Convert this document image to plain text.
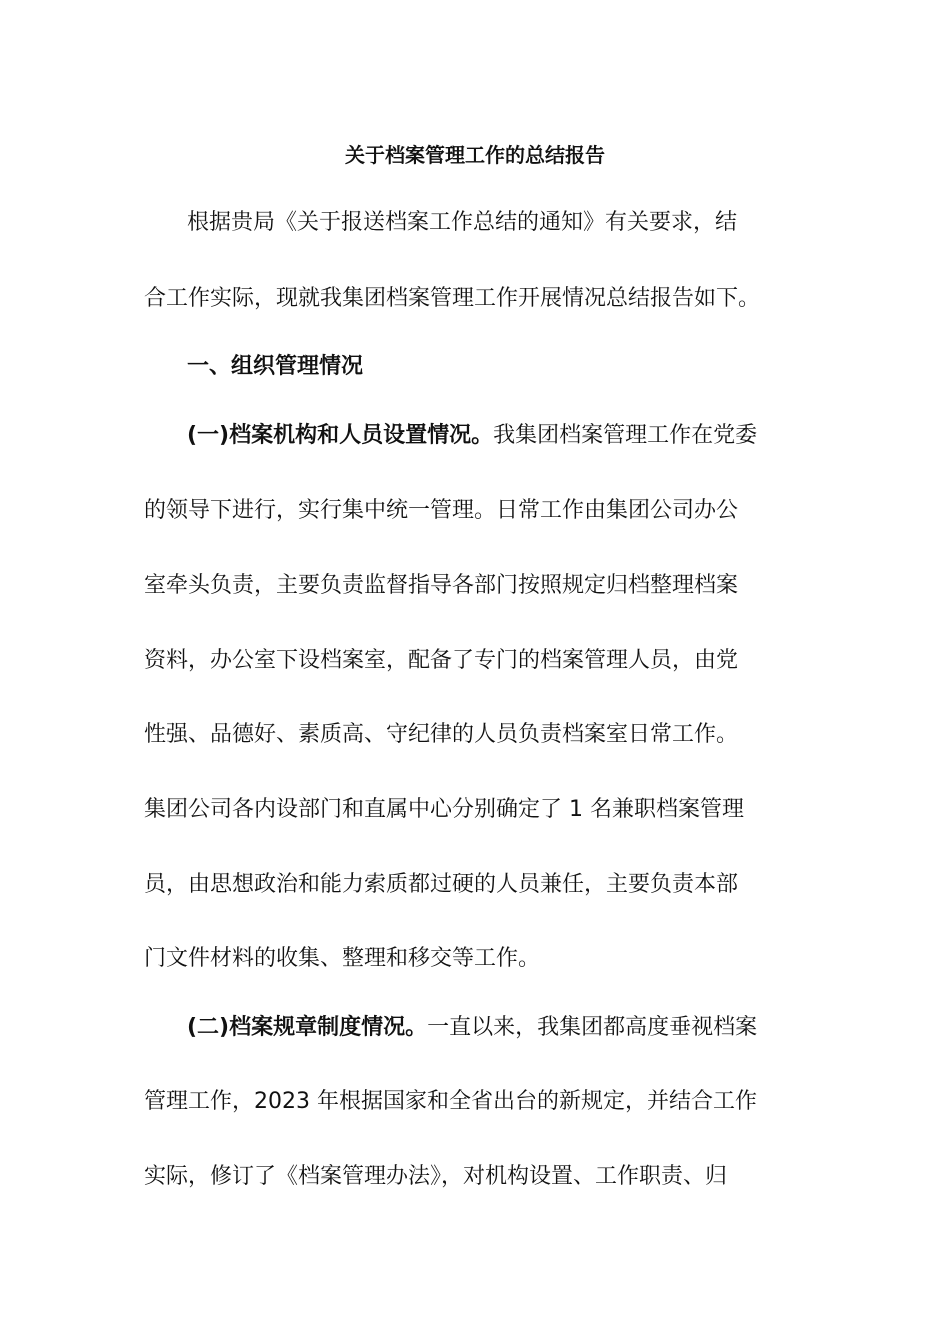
关于档案管理工作的总结报告
根据贵局《关于报送档案工作总结的通知》有关要求，结
合工作实际，现就我集团档案管理工作开展情况总结报告如下。
一、组织管理情况
(一)档案机构和人员设置情况。我集团档案管理工作在党委
的领导下进行，实行集中统一管理。日常工作由集团公司办公
室牵头负责，主要负责监督指导各部门按照规定归档整理档案
资料，办公室下设档案室，配备了专门的档案管理人员，由党
性强、品德好、素质高、守纪律的人员负责档案室日常工作。
集团公司各内设部门和直属中心分别确定了 1 名兼职档案管理
员，由思想政治和能力索质都过硬的人员兼任，主要负责本部
门文件材料的收集、整理和移交等工作。
(二)档案规章制度情况。一直以来，我集团都高度垂视档案
管理工作，2023 年根据国家和全省出台的新规定，并结合工作
实际，修订了《档案管理办法》，对机构设置、工作职责、归
